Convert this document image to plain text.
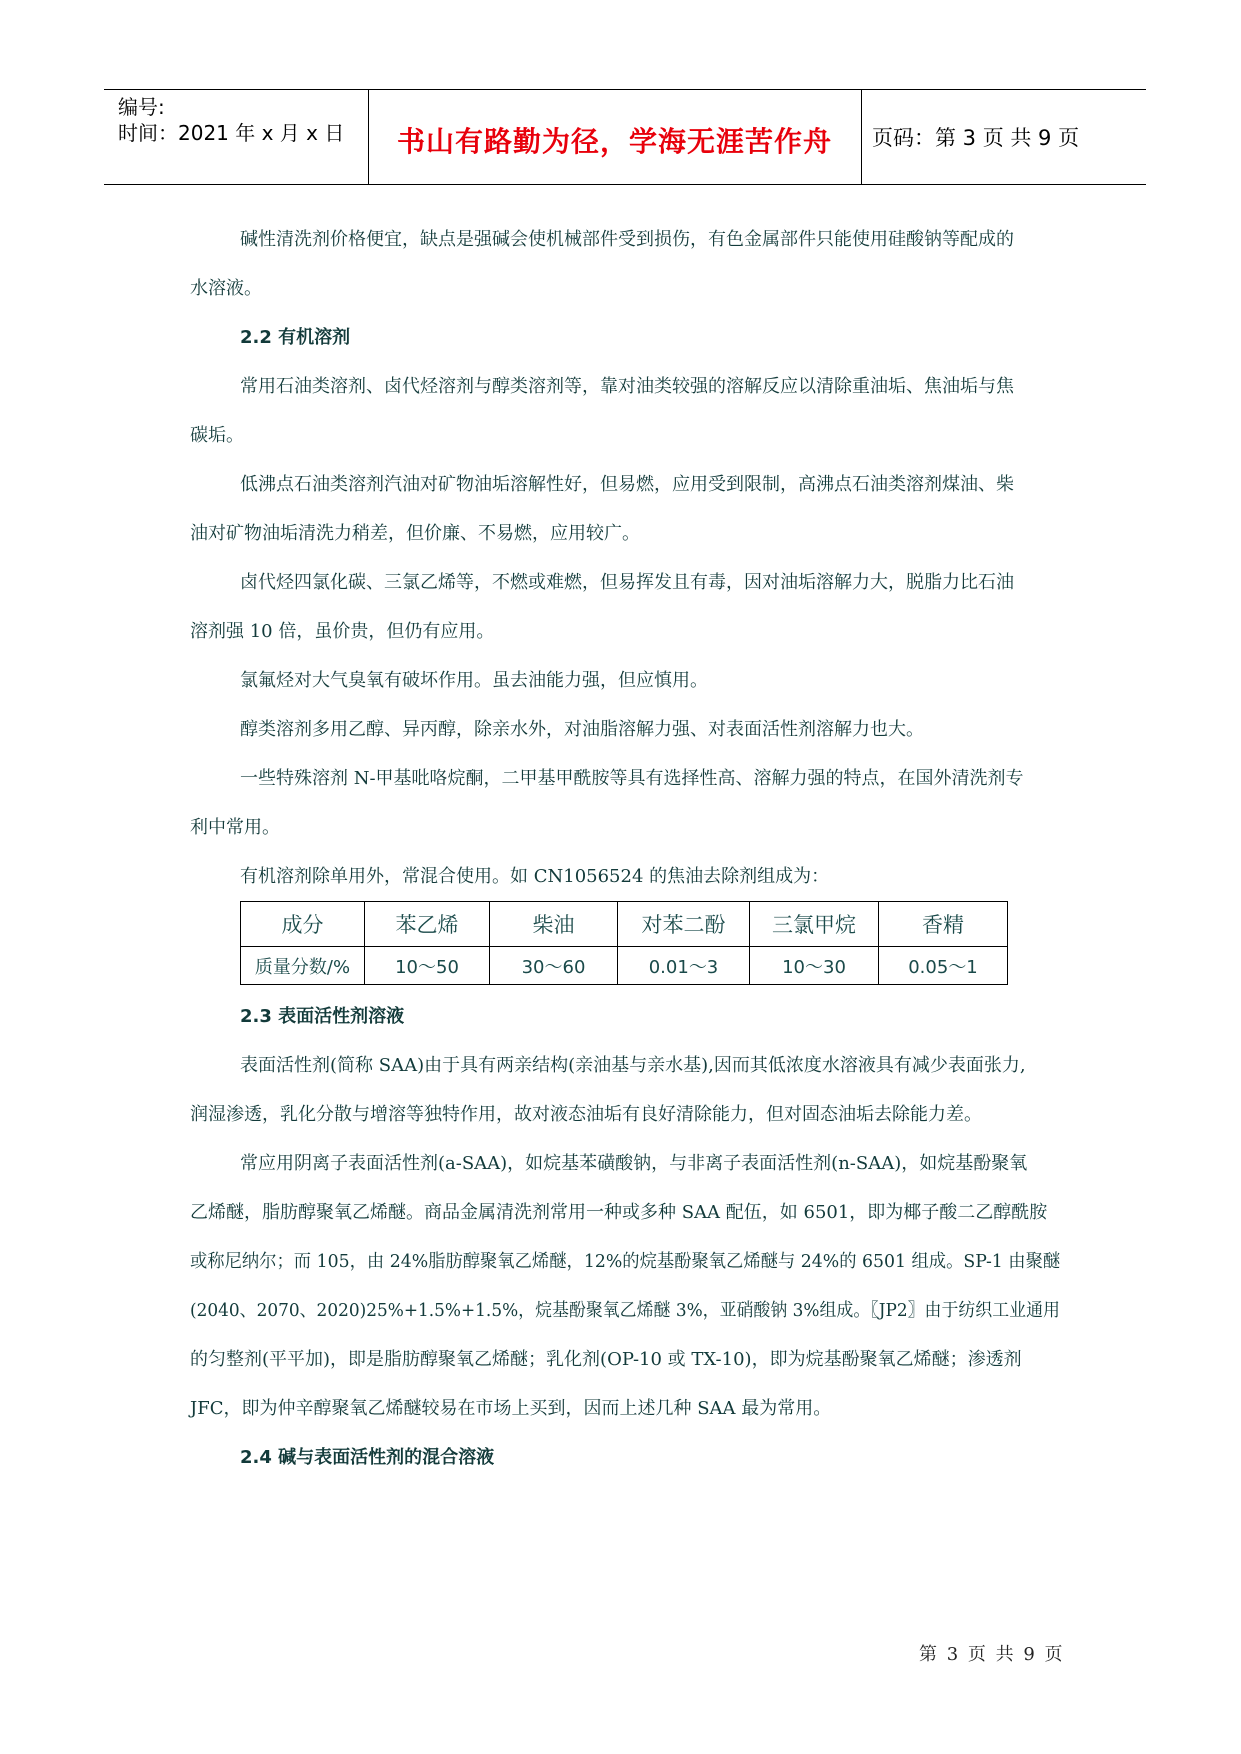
编号:
时间：2021 年 x 月 x 日	书山有路勤为径，学海无涯苦作舟	页码：第 3 页 共 9 页
碱性清洗剂价格便宜，缺点是强碱会使机械部件受到损伤，有色金属部件只能使用硅酸钠等配成的
水溶液。
2.2 有机溶剂
常用石油类溶剂、卤代烃溶剂与醇类溶剂等，靠对油类较强的溶解反应以清除重油垢、焦油垢与焦
碳垢。
低沸点石油类溶剂汽油对矿物油垢溶解性好，但易燃，应用受到限制，高沸点石油类溶剂煤油、柴
油对矿物油垢清洗力稍差，但价廉、不易燃，应用较广。
卤代烃四氯化碳、三氯乙烯等，不燃或难燃，但易挥发且有毒，因对油垢溶解力大，脱脂力比石油
溶剂强 10 倍，虽价贵，但仍有应用。
氯氟烃对大气臭氧有破坏作用。虽去油能力强，但应慎用。
醇类溶剂多用乙醇、异丙醇，除亲水外，对油脂溶解力强、对表面活性剂溶解力也大。
一些特殊溶剂 N-甲基吡咯烷酮，二甲基甲酰胺等具有选择性高、溶解力强的特点，在国外清洗剂专
利中常用。
有机溶剂除单用外，常混合使用。如 CN1056524 的焦油去除剂组成为：
成分	苯乙烯	柴油	对苯二酚	三氯甲烷	香精
质量分数/%	10～50	30～60	0.01～3	10～30	0.05～1
2.3 表面活性剂溶液
表面活性剂(简称 SAA)由于具有两亲结构(亲油基与亲水基),因而其低浓度水溶液具有减少表面张力,
润湿渗透，乳化分散与增溶等独特作用，故对液态油垢有良好清除能力，但对固态油垢去除能力差。
常应用阴离子表面活性剂(a-SAA)，如烷基苯磺酸钠，与非离子表面活性剂(n-SAA)，如烷基酚聚氧
乙烯醚，脂肪醇聚氧乙烯醚。商品金属清洗剂常用一种或多种 SAA 配伍，如 6501，即为椰子酸二乙醇酰胺
或称尼纳尔；而 105，由 24%脂肪醇聚氧乙烯醚，12%的烷基酚聚氧乙烯醚与 24%的 6501 组成。SP-1 由聚醚
(2040、2070、2020)25%+1.5%+1.5%，烷基酚聚氧乙烯醚 3%，亚硝酸钠 3%组成。〖JP2〗由于纺织工业通用
的匀整剂(平平加)，即是脂肪醇聚氧乙烯醚；乳化剂(OP-10 或 TX-10)，即为烷基酚聚氧乙烯醚；渗透剂
JFC，即为仲辛醇聚氧乙烯醚较易在市场上买到，因而上述几种 SAA 最为常用。
2.4 碱与表面活性剂的混合溶液
第 3 页 共 9 页
